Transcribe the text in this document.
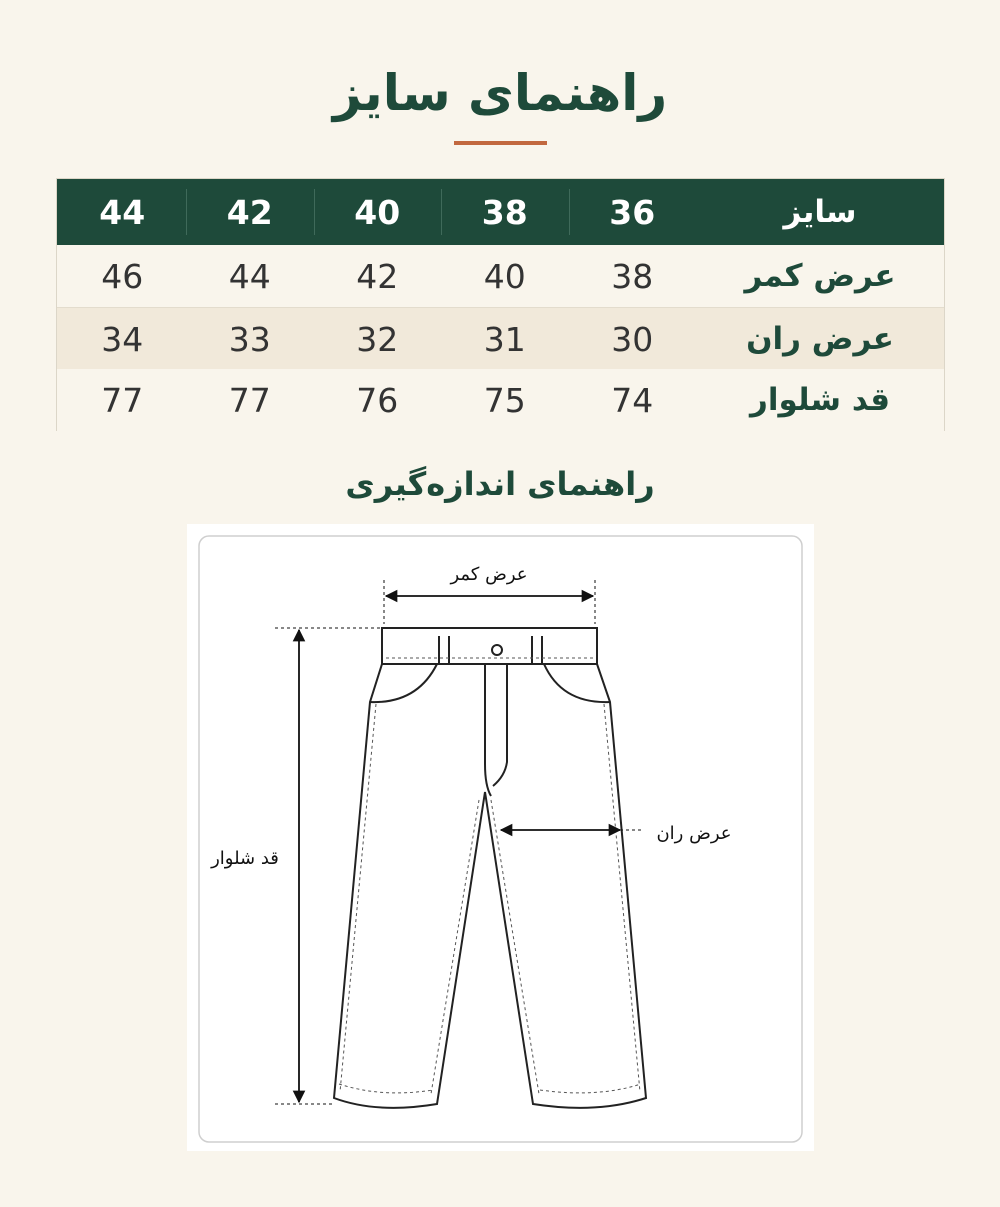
راهنمای سایز
سایز
36
38
40
42
44
عرض کمر
38
40
42
44
46
عرض ران
30
31
32
33
34
قد شلوار
74
75
76
77
77
راهنمای اندازه‌گیری
عرض کمر
عرض ران
قد شلوار
